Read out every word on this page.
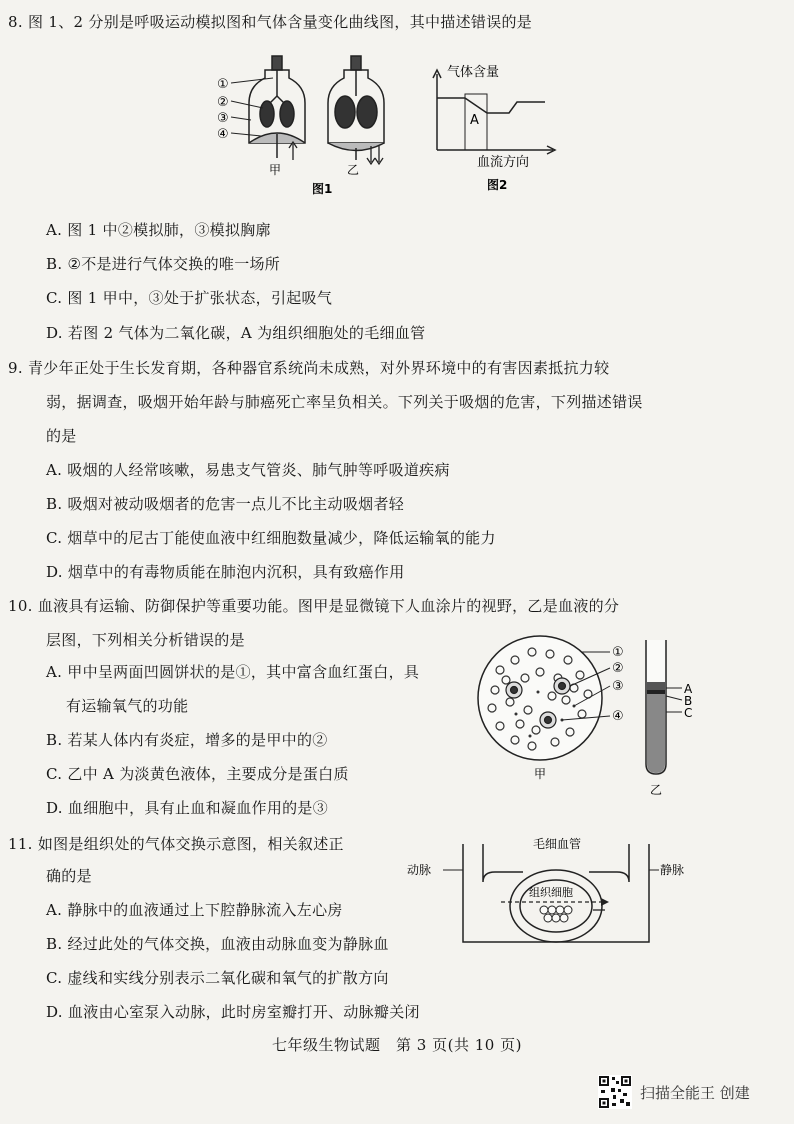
8. 图 1、2 分别是呼吸运动模拟图和气体含量变化曲线图，其中描述错误的是
①
②
③
④
甲	乙
图1
气体含量
A
血流方向
图2
A. 图 1 中②模拟肺，③模拟胸廓
B. ②不是进行气体交换的唯一场所
C. 图 1 甲中，③处于扩张状态，引起吸气
D. 若图 2 气体为二氧化碳，A 为组织细胞处的毛细血管
9. 青少年正处于生长发育期，各种器官系统尚未成熟，对外界环境中的有害因素抵抗力较
弱，据调查，吸烟开始年龄与肺癌死亡率呈负相关。下列关于吸烟的危害，下列描述错误
的是
A. 吸烟的人经常咳嗽，易患支气管炎、肺气肿等呼吸道疾病
B. 吸烟对被动吸烟者的危害一点儿不比主动吸烟者轻
C. 烟草中的尼古丁能使血液中红细胞数量减少，降低运输氧的能力
D. 烟草中的有毒物质能在肺泡内沉积，具有致癌作用
10. 血液具有运输、防御保护等重要功能。图甲是显微镜下人血涂片的视野，乙是血液的分
层图，下列相关分析错误的是
A. 甲中呈两面凹圆饼状的是①，其中富含血红蛋白，具
有运输氧气的功能
B. 若某人体内有炎症，增多的是甲中的②
C. 乙中 A 为淡黄色液体，主要成分是蛋白质
D. 血细胞中，具有止血和凝血作用的是③
①
②
③
④
甲
A
B
C
乙
11. 如图是组织处的气体交换示意图，相关叙述正
确的是
A. 静脉中的血液通过上下腔静脉流入左心房
B. 经过此处的气体交换，血液由动脉血变为静脉血
C. 虚线和实线分别表示二氧化碳和氧气的扩散方向
D. 血液由心室泵入动脉，此时房室瓣打开、动脉瓣关闭
毛细血管
动脉	静脉
组织细胞
七年级生物试题　第 3 页(共 10 页)
扫描全能王 创建
